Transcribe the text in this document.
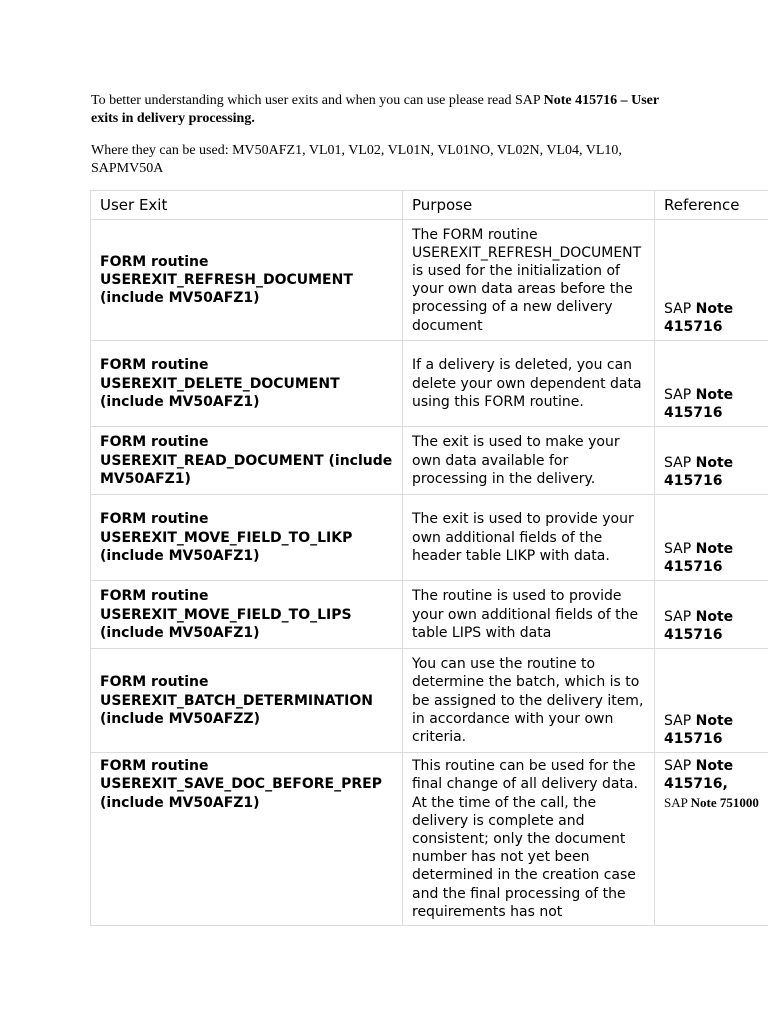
To better understanding which user exits and when you can use please read SAP Note 415716 – User exits in delivery processing.

Where they can be used: MV50AFZ1, VL01, VL02, VL01N, VL01NO, VL02N, VL04, VL10, SAPMV50A

User Exit	Purpose	Reference
FORM routine USEREXIT_REFRESH_DOCUMENT (include MV50AFZ1)	The FORM routine USEREXIT_REFRESH_DOCUMENT is used for the initialization of your own data areas before the processing of a new delivery document	SAP Note 415716
FORM routine USEREXIT_DELETE_DOCUMENT (include MV50AFZ1)	If a delivery is deleted, you can delete your own dependent data using this FORM routine.	SAP Note 415716
FORM routine USEREXIT_READ_DOCUMENT (include MV50AFZ1)	The exit is used to make your own data available for processing in the delivery.	SAP Note 415716
FORM routine USEREXIT_MOVE_FIELD_TO_LIKP (include MV50AFZ1)	The exit is used to provide your own additional fields of the header table LIKP with data.	SAP Note 415716
FORM routine USEREXIT_MOVE_FIELD_TO_LIPS (include MV50AFZ1)	The routine is used to provide your own additional fields of the table LIPS with data	SAP Note 415716
FORM routine USEREXIT_BATCH_DETERMINATION (include MV50AFZZ)	You can use the routine to determine the batch, which is to be assigned to the delivery item, in accordance with your own criteria.	SAP Note 415716
FORM routine USEREXIT_SAVE_DOC_BEFORE_PREP (include MV50AFZ1)	This routine can be used for the final change of all delivery data. At the time of the call, the delivery is complete and consistent; only the document number has not yet been determined in the creation case and the final processing of the requirements has not	SAP Note 415716,
SAP Note 751000
